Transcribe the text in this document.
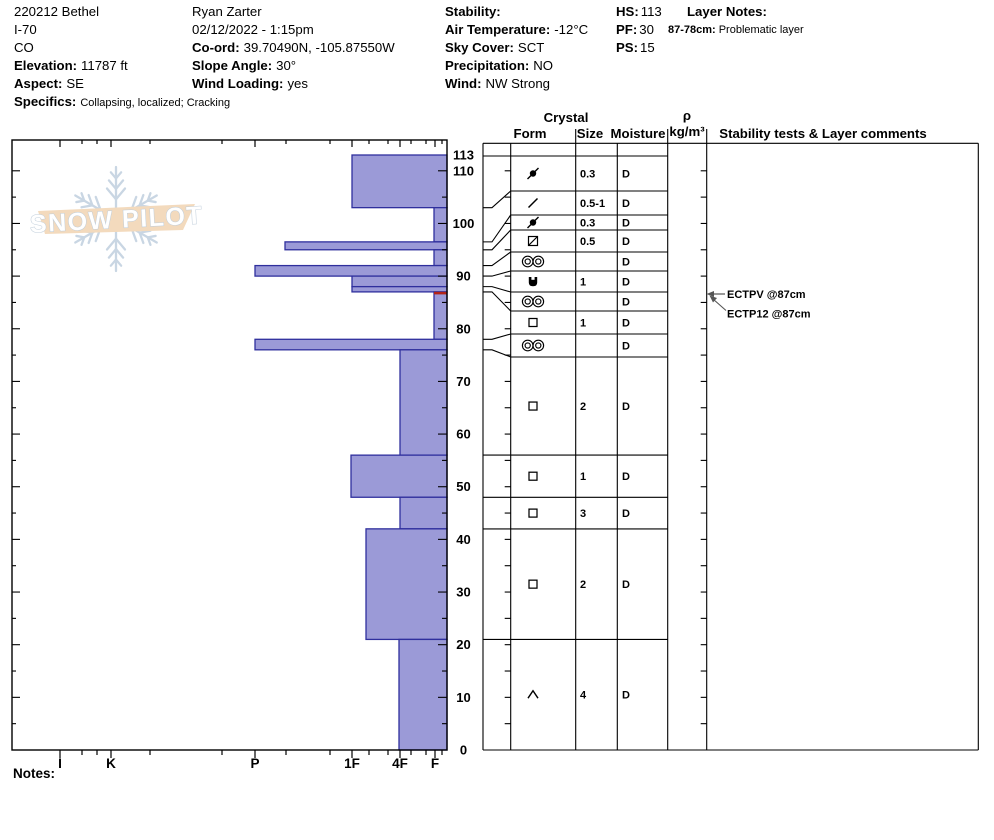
SNOW PILOT
I	K	P	1F 4F F
113
110
100
90
80
70
60
50
40
30
20
10
0
0.3 D
0.5-1 D
0.3 D
0.5 D
D
1	D
D
1	D
D
2	D
1	D
3	D
2	D
4	D
ECTPV @87cm
ECTP12 @87cm
220212 Bethel
I-70
CO
Elevation: 11787 ft
Aspect: SE
Specifics: Collapsing, localized; Cracking
Ryan Zarter
02/12/2022 - 1:15pm
Co-ord: 39.70490N, -105.87550W
Slope Angle: 30°
Wind Loading: yes
Stability:
Air Temperature: -12°C
Sky Cover: SCT
Precipitation: NO
Wind: NW Strong
HS: 113
PF: 30
PS: 15
Layer Notes:
87-78cm: Problematic layer
Crystal
Form Size Moisture
ρ
kg/m³ Stability tests & Layer comments
Notes:
